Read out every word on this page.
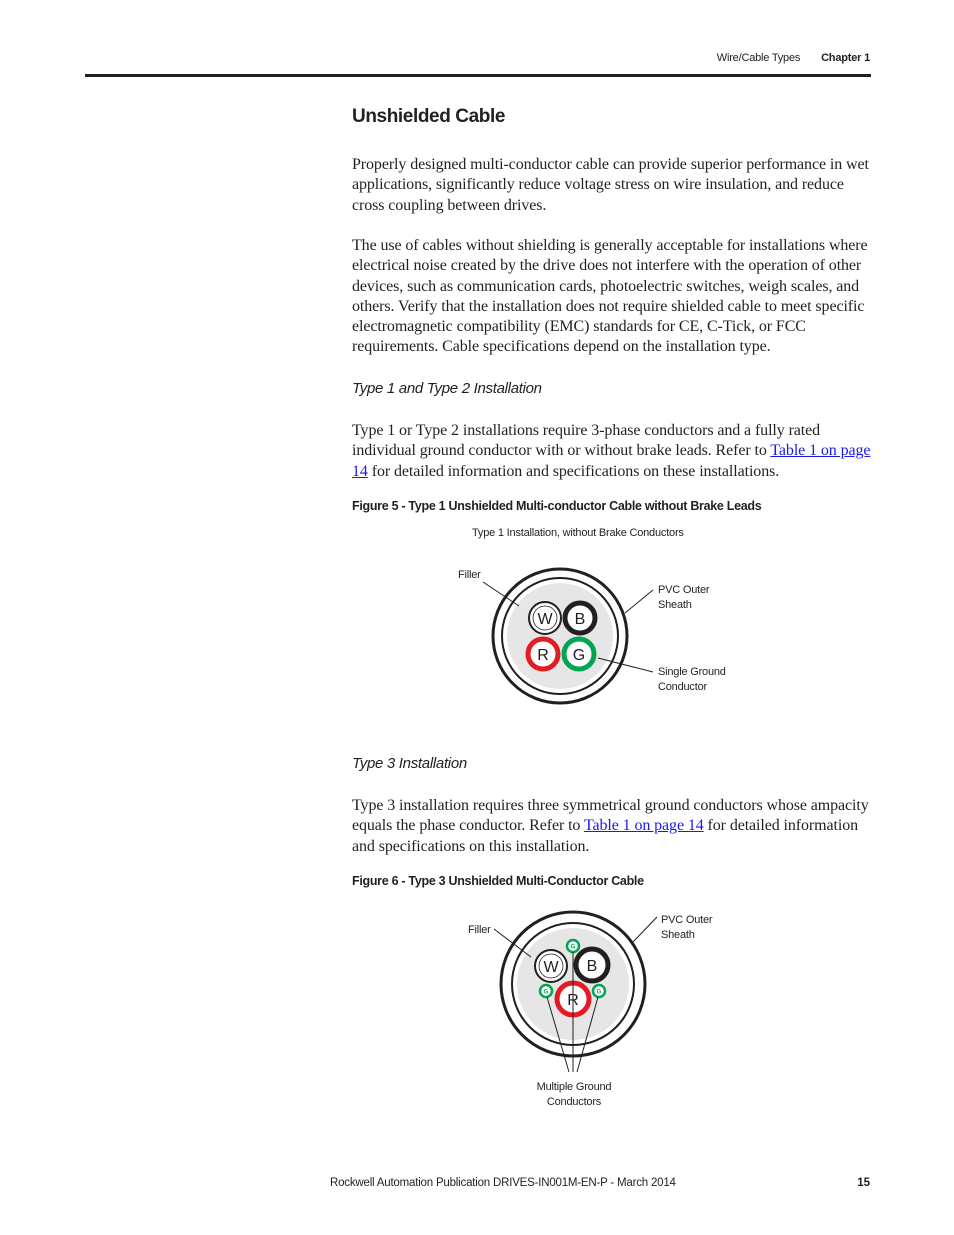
Wire/Cable Types Chapter 1
Unshielded Cable

Properly designed multi-conductor cable can provide superior performance in wet applications, significantly reduce voltage stress on wire insulation, and reduce cross coupling between drives.

The use of cables without shielding is generally acceptable for installations where electrical noise created by the drive does not interfere with the operation of other devices, such as communication cards, photoelectric switches, weigh scales, and others. Verify that the installation does not require shielded cable to meet specific electromagnetic compatibility (EMC) standards for CE, C-Tick, or FCC requirements. Cable specifications depend on the installation type.

Type 1 and Type 2 Installation

Type 1 or Type 2 installations require 3-phase conductors and a fully rated individual ground conductor with or without brake leads. Refer to Table 1 on page 14 for detailed information and specifications on these installations.

Figure 5 - Type 1 Unshielded Multi-conductor Cable without Brake Leads

Type 1 Installation, without Brake Conductors
W B
R G
Filler
PVC Outer
Sheath
Single Ground
Conductor

Type 3 Installation

Type 3 installation requires three symmetrical ground conductors whose ampacity equals the phase conductor. Refer to Table 1 on page 14 for detailed information and specifications on this installation.

Figure 6 - Type 3 Unshielded Multi-Conductor Cable

W B
R
G
G	G
Filler
PVC Outer
Sheath
Multiple Ground
Conductors
Rockwell Automation Publication DRIVES-IN001M-EN-P - March 2014	15
